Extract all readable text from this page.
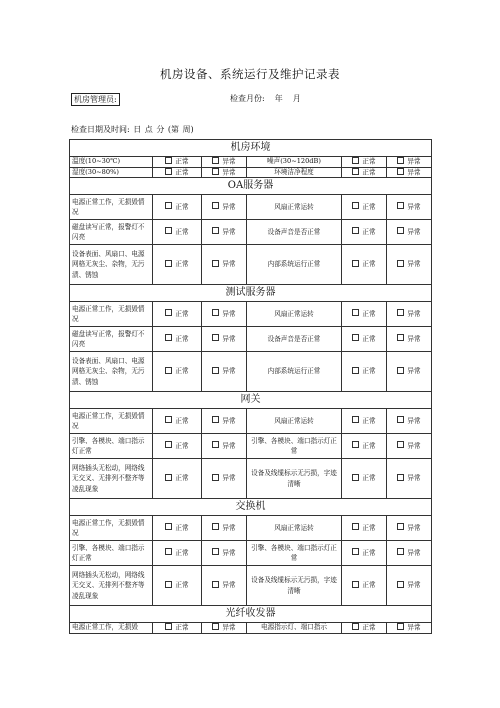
机房设备、系统运行及维护记录表
机房管理员:	检查月份: 年 月
检查日期及时间: 日 点 分 (第 周)
机房环境					
温度(10~30℃)	正常	异常	噪声(30~120dB)	正常	异常
湿度(30~80%)	正常	异常	环境洁净程度	正常	异常
OA服务器					
电源正常工作，无损毁情况	正常	异常	风扇正常运转	正常	异常
磁盘读写正常，报警灯不闪亮	正常	异常	设备声音是否正常	正常	异常
设备表面、风扇口、电源网格无灰尘、杂物，无污渍、锈蚀	正常	异常	内部系统运行正常	正常	异常
测试服务器					
电源正常工作，无损毁情况	正常	异常	风扇正常运转	正常	异常
磁盘读写正常，报警灯不闪亮	正常	异常	设备声音是否正常	正常	异常
设备表面、风扇口、电源网格无灰尘、杂物，无污渍、锈蚀	正常	异常	内部系统运行正常	正常	异常
网关					
电源正常工作，无损毁情况	正常	异常	风扇正常运转	正常	异常
引擎、各模块、端口指示灯正常	正常	异常	引擎、各模块、端口指示灯正常	正常	异常
网络插头无松动，网络线无交叉、无排列不整齐等凌乱现象	正常	异常	设备及线缆标示无污损，字迹清晰	正常	异常
交换机					
电源正常工作，无损毁情况	正常	异常	风扇正常运转	正常	异常
引擎、各模块、端口指示灯正常	正常	异常	引擎、各模块、端口指示灯正常	正常	异常
网络插头无松动，网络线无交叉、无排列不整齐等凌乱现象	正常	异常	设备及线缆标示无污损，字迹清晰	正常	异常
光纤收发器					
电源正常工作，无损毁	正常	异常	电源指示灯、端口指示	正常	异常
